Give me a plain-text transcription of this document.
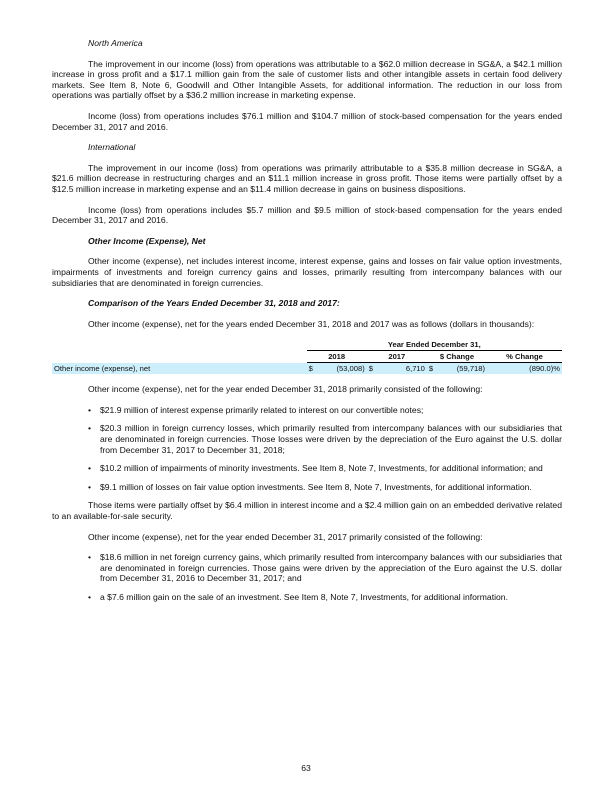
North America

The improvement in our income (loss) from operations was attributable to a $62.0 million decrease in SG&A, a $42.1 million increase in gross profit and a $17.1 million gain from the sale of customer lists and other intangible assets in certain food delivery markets. See Item 8, Note 6, Goodwill and Other Intangible Assets, for additional information. The reduction in our loss from operations was partially offset by a $36.2 million increase in marketing expense.

Income (loss) from operations includes $76.1 million and $104.7 million of stock-based compensation for the years ended December 31, 2017 and 2016.

International

The improvement in our income (loss) from operations was primarily attributable to a $35.8 million decrease in SG&A, a $21.6 million decrease in restructuring charges and an $11.1 million increase in gross profit. Those items were partially offset by a $12.5 million increase in marketing expense and an $11.4 million decrease in gains on business dispositions.

Income (loss) from operations includes $5.7 million and $9.5 million of stock-based compensation for the years ended December 31, 2017 and 2016.

Other Income (Expense), Net

Other income (expense), net includes interest income, interest expense, gains and losses on fair value option investments, impairments of investments and foreign currency gains and losses, primarily resulting from intercompany balances with our subsidiaries that are denominated in foreign currencies.

Comparison of the Years Ended December 31, 2018 and 2017:

Other income (expense), net for the years ended December 31, 2018 and 2017 was as follows (dollars in thousands):

	Year Ended December 31,						
	2018		2017		$ Change		% Change
Other income (expense), net	$	(53,008)	$	6,710	$	(59,718)	(890.0)%

Other income (expense), net for the year ended December 31, 2018 primarily consisted of the following:

• $21.9 million of interest expense primarily related to interest on our convertible notes;
• $20.3 million in foreign currency losses, which primarily resulted from intercompany balances with our subsidiaries that are denominated in foreign currencies. Those losses were driven by the depreciation of the Euro against the U.S. dollar from December 31, 2017 to December 31, 2018;
• $10.2 million of impairments of minority investments. See Item 8, Note 7, Investments, for additional information; and
• $9.1 million of losses on fair value option investments. See Item 8, Note 7, Investments, for additional information.

Those items were partially offset by $6.4 million in interest income and a $2.4 million gain on an embedded derivative related to an available-for-sale security.

Other income (expense), net for the year ended December 31, 2017 primarily consisted of the following:

• $18.6 million in net foreign currency gains, which primarily resulted from intercompany balances with our subsidiaries that are denominated in foreign currencies. Those gains were driven by the appreciation of the Euro against the U.S. dollar from December 31, 2016 to December 31, 2017; and
• a $7.6 million gain on the sale of an investment. See Item 8, Note 7, Investments, for additional information.
63
